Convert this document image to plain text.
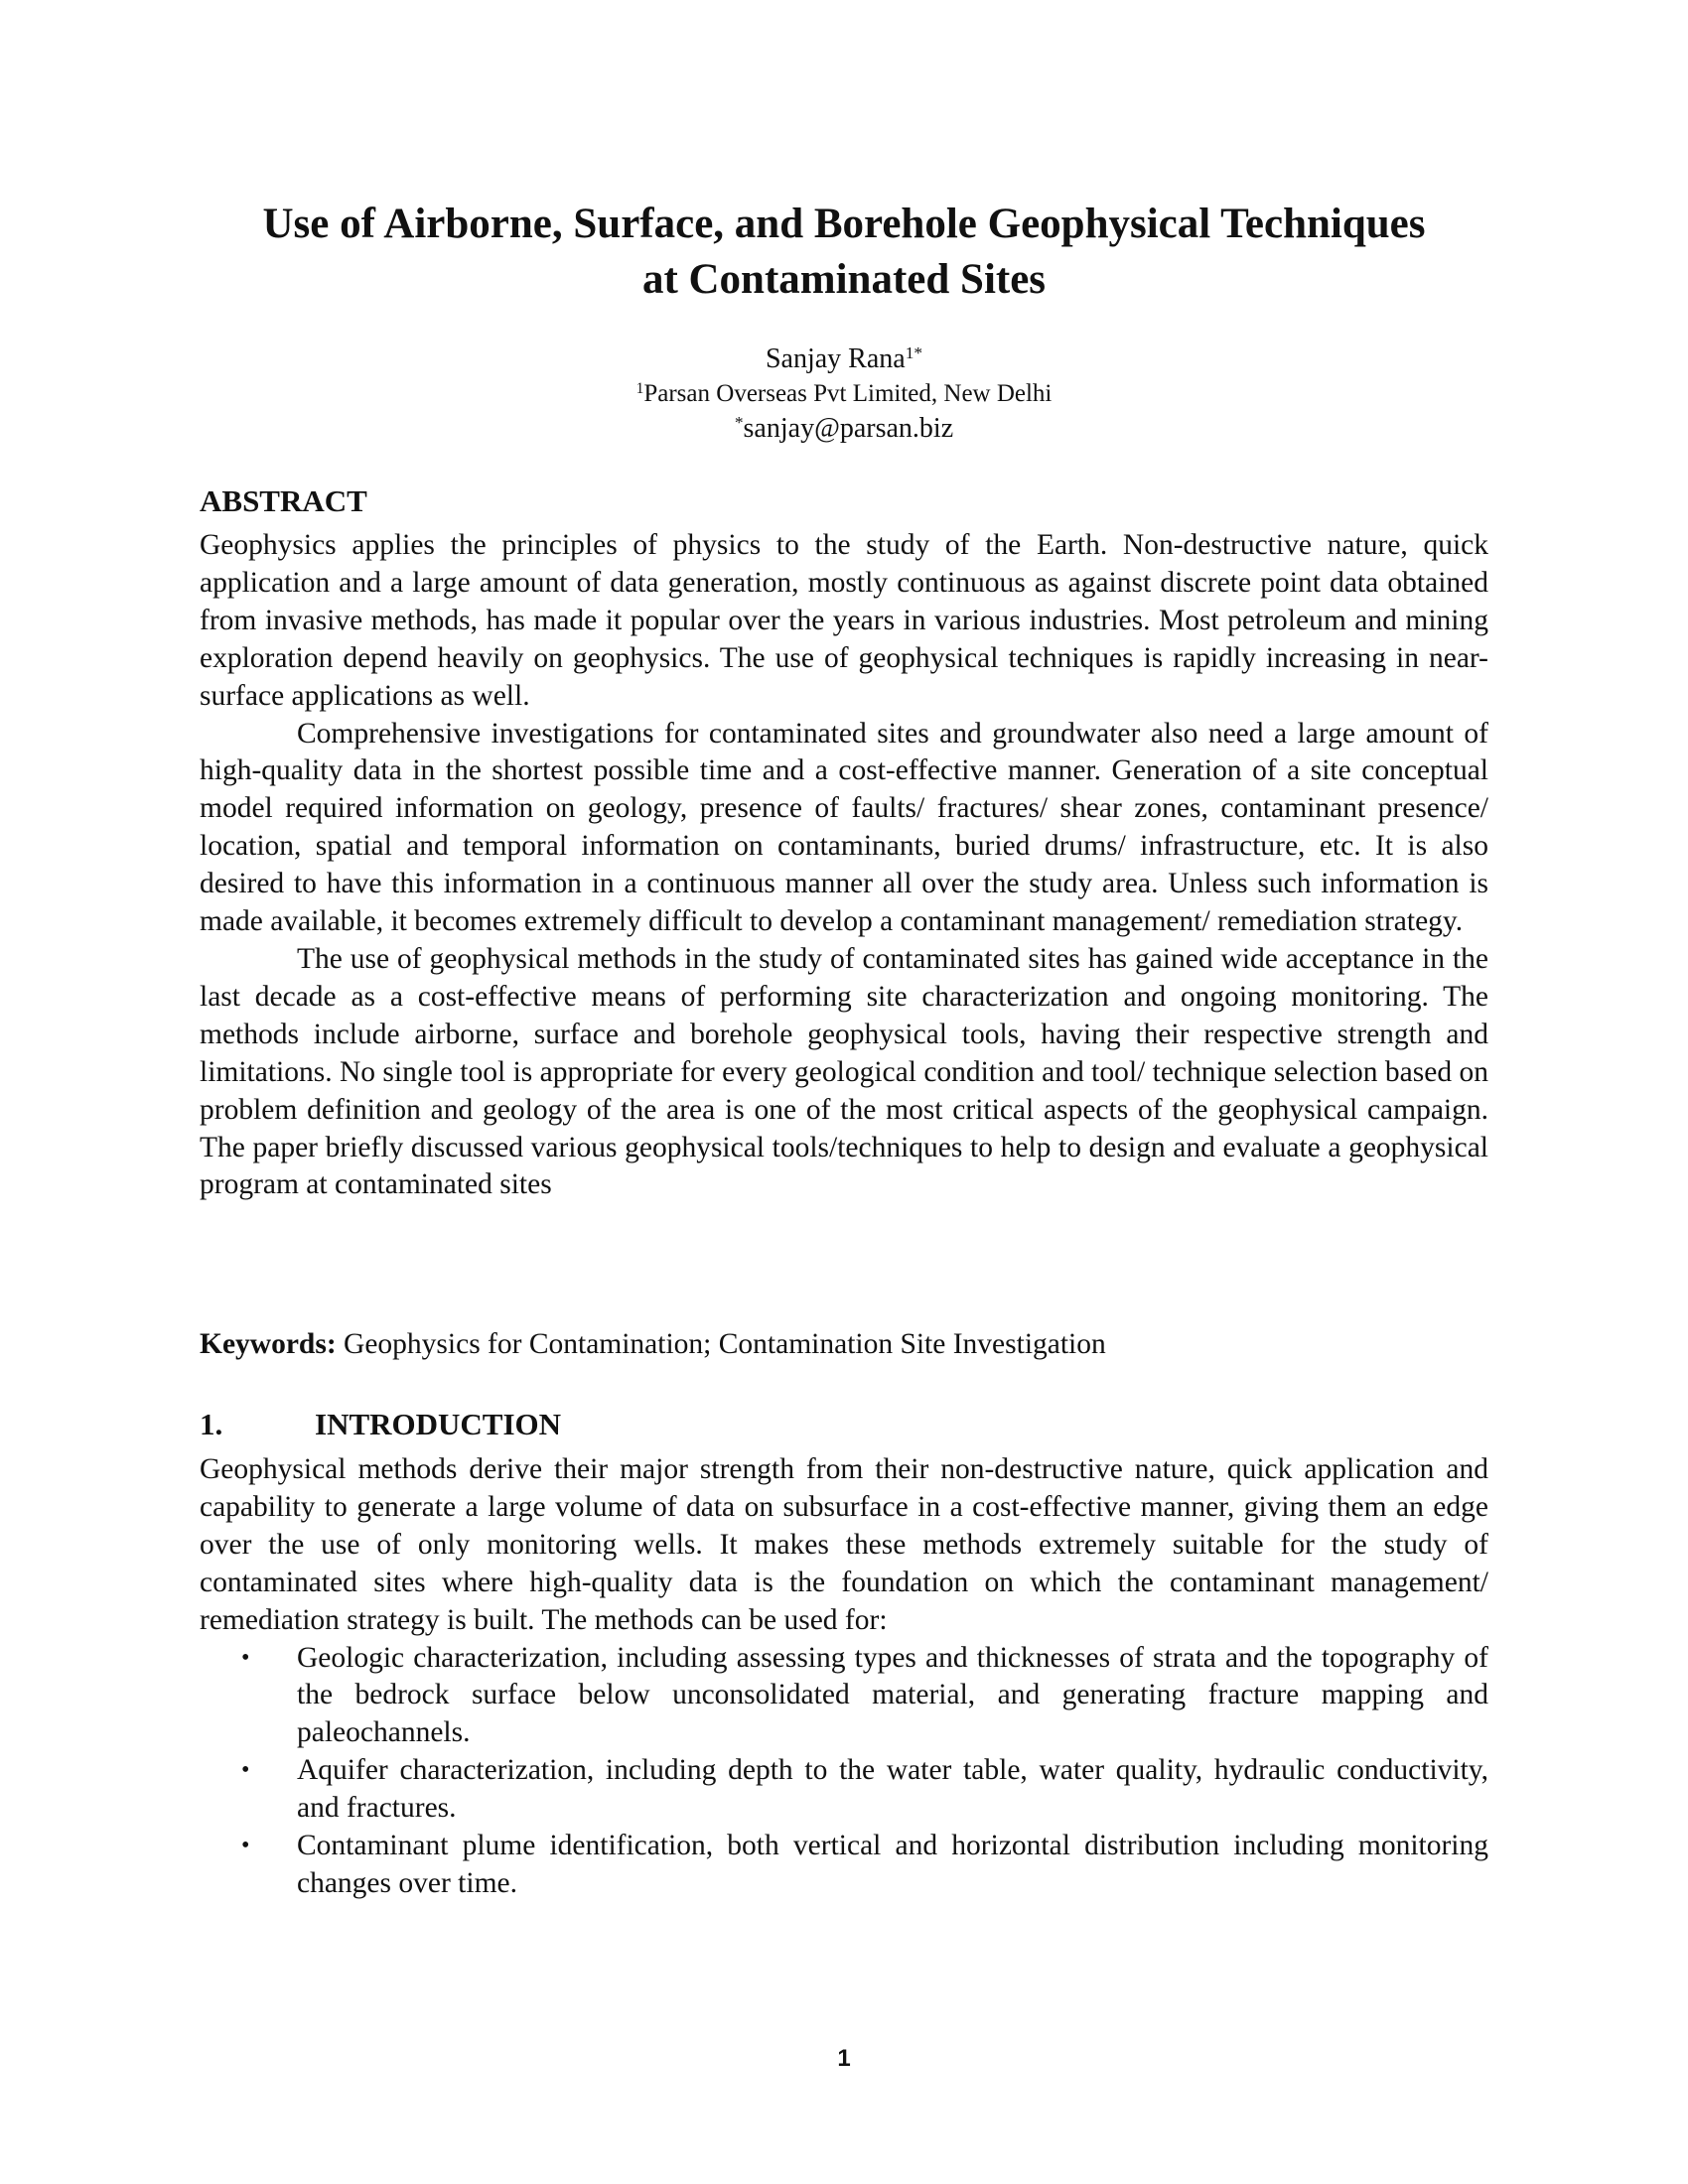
Use of Airborne, Surface, and Borehole Geophysical Techniques
at Contaminated Sites
Sanjay Rana$^{1*}$
$^1$Parsan Overseas Pvt Limited, New Delhi
*sanjay@parsan.biz
ABSTRACT

Geophysics applies the principles of physics to the study of the Earth. Non-destructive nature, quick application and a large amount of data generation, mostly continuous as against discrete point data obtained from invasive methods, has made it popular over the years in various industries. Most petroleum and mining exploration depend heavily on geophysics. The use of geophysical techniques is rapidly increasing in near-surface applications as well.

Comprehensive investigations for contaminated sites and groundwater also need a large amount of high-quality data in the shortest possible time and a cost-effective manner. Generation of a site conceptual model required information on geology, presence of faults/ fractures/ shear zones, contaminant presence/ location, spatial and temporal information on contaminants, buried drums/ infrastructure, etc. It is also desired to have this information in a continuous manner all over the study area. Unless such information is made available, it becomes extremely difficult to develop a contaminant management/ remediation strategy.

The use of geophysical methods in the study of contaminated sites has gained wide acceptance in the last decade as a cost-effective means of performing site characterization and ongoing monitoring. The methods include airborne, surface and borehole geophysical tools, having their respective strength and limitations. No single tool is appropriate for every geological condition and tool/ technique selection based on problem definition and geology of the area is one of the most critical aspects of the geophysical campaign. The paper briefly discussed various geophysical tools/techniques to help to design and evaluate a geophysical program at contaminated sites

Keywords: Geophysics for Contamination; Contamination Site Investigation

1.	INTRODUCTION

Geophysical methods derive their major strength from their non-destructive nature, quick application and capability to generate a large volume of data on subsurface in a cost-effective manner, giving them an edge over the use of only monitoring wells. It makes these methods extremely suitable for the study of contaminated sites where high-quality data is the foundation on which the contaminant management/ remediation strategy is built. The methods can be used for:

• Geologic characterization, including assessing types and thicknesses of strata and the topography of the bedrock surface below unconsolidated material, and generating fracture mapping and paleochannels.
• Aquifer characterization, including depth to the water table, water quality, hydraulic conductivity, and fractures.
• Contaminant plume identification, both vertical and horizontal distribution including monitoring changes over time.
1
